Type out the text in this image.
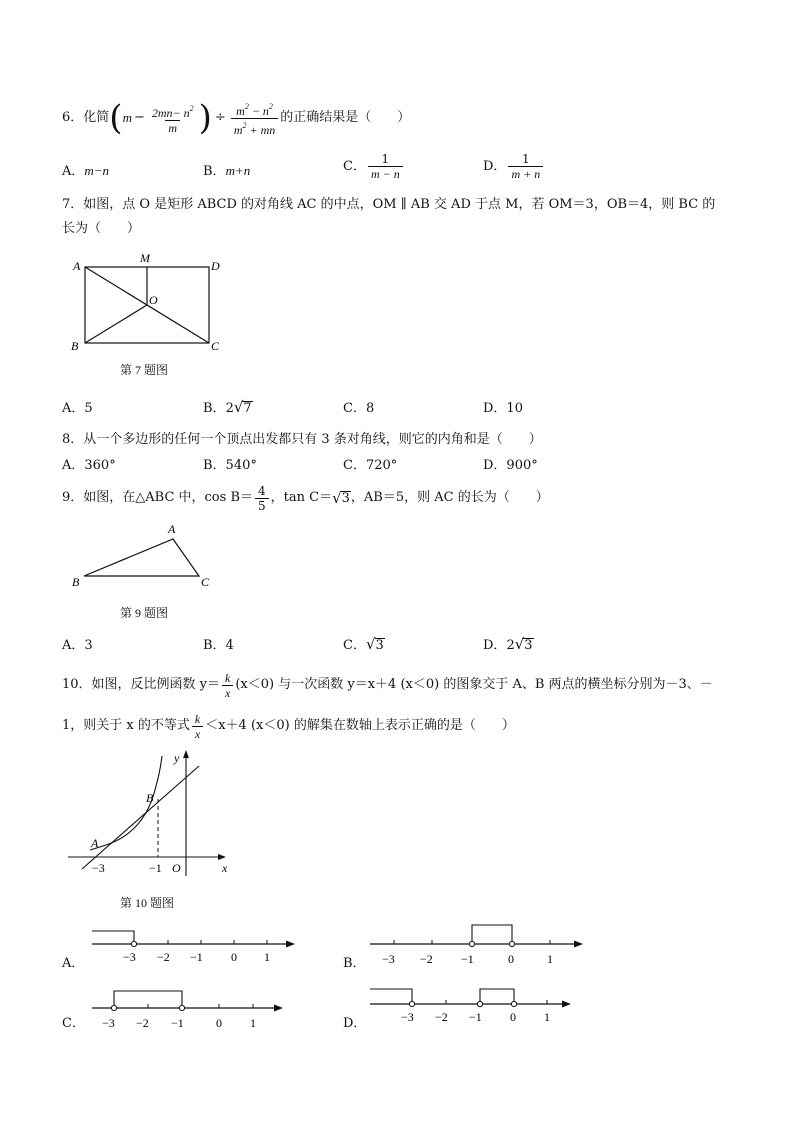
6． 化简 ( $m - \frac{2mn- n^2}{m}$ ) ÷ $\frac{m^2 - n^2}{m^2 + mn}$ 的正确结果是（　　）
A．m−n	B．m+n	C． $\frac{1}{m - n}$	D． $\frac{1}{m + n}$
7．如图，点 O 是矩形 ABCD 的对角线 AC 的中点，OM ∥ AB 交 AD 于点 M，若 OM＝3，OB＝4，则 BC 的
长为（　　）
A
B	C
D
M
O
第 7 题图
A．5	B．2√7	C．8	D．10
8．从一个多边形的任何一个顶点出发都只有 3 条对角线，则它的内角和是（　　）
A．360°	B．540°	C．720°	D．900°
9．如图，在△ABC 中，$\cos B= \frac{4}{5}$ ，tan C＝ √ 3 ，AB＝5，则 AC 的长为（　　）
A
B	C
第 9 题图
A．3	B．4	C．√3	D．2√3
10．如图，反比例函数 $y= \frac{k}{x} (x<0)$ 与一次函数 y＝x＋4 (x＜0) 的图象交于 A、B 两点的横坐标分别为－3、－
1，则关于 x 的不等式 $\frac{k}{x} <x+4$ (x＜0) 的解集在数轴上表示正确的是（　　）
y
x
O
A
B
−3	−1
第 10 题图
A．	−3 −2 −1 0 1	B． −3 −2 −1	0	1
C． −3 −2 −1	0 1	D．	−3 −2 −1 0 1
